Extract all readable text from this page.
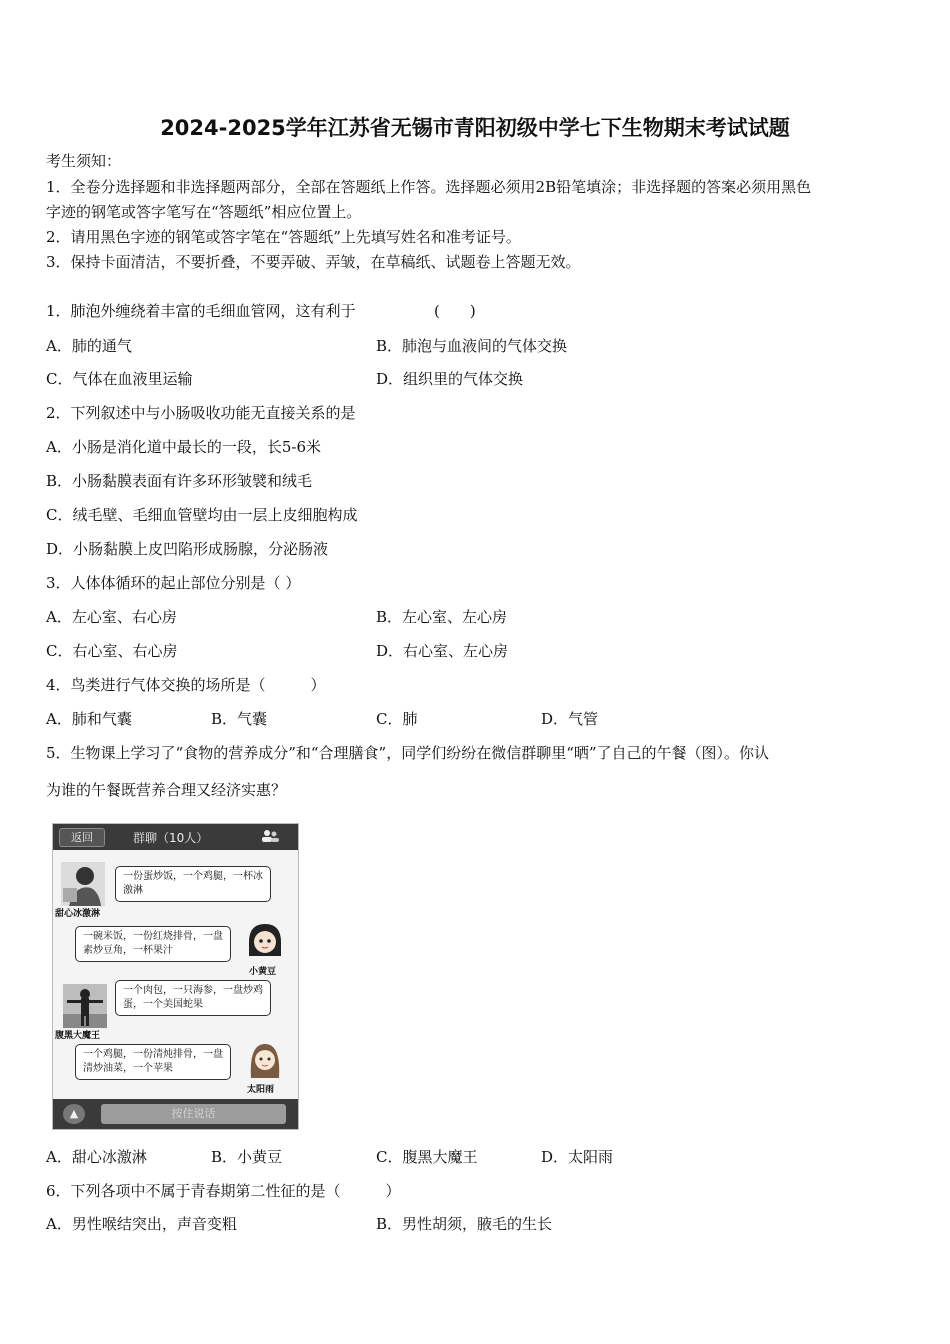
2024-2025学年江苏省无锡市青阳初级中学七下生物期末考试试题
考生须知：
1．全卷分选择题和非选择题两部分，全部在答题纸上作答。选择题必须用2B铅笔填涂；非选择题的答案必须用黑色
字迹的钢笔或答字笔写在“答题纸”相应位置上。
2．请用黑色字迹的钢笔或答字笔在“答题纸”上先填写姓名和准考证号。
3．保持卡面清洁，不要折叠，不要弄破、弄皱，在草稿纸、试题卷上答题无效。
1．肺泡外缠绕着丰富的毛细血管网，这有利于	(　　)
A．肺的通气	B．肺泡与血液间的气体交换
C．气体在血液里运输	D．组织里的气体交换
2．下列叙述中与小肠吸收功能无直接关系的是
A．小肠是消化道中最长的一段，长5-6米
B．小肠黏膜表面有许多环形皱襞和绒毛
C．绒毛壁、毛细血管壁均由一层上皮细胞构成
D．小肠黏膜上皮凹陷形成肠腺，分泌肠液
3．人体体循环的起止部位分别是（ ）
A．左心室、右心房	B．左心室、左心房
C．右心室、右心房	D．右心室、左心房
4．鸟类进行气体交换的场所是（　　　）
A．肺和气囊	B．气囊	C．肺	D．气管
5．生物课上学习了“食物的营养成分”和“合理膳食”，同学们纷纷在微信群聊里“晒”了自己的午餐（图）。你认
为谁的午餐既营养合理又经济实惠？
返回	群聊（10人）
甜心冰激淋
一份蛋炒饭，一个鸡腿，一杯冰激淋
一碗米饭，一份红烧排骨，一盘素炒豆角，一杯果汁
小黄豆
腹黑大魔王
一个肉包，一只海参，一盘炒鸡蛋，一个美国蛇果
一个鸡腿，一份清炖排骨，一盘清炒油菜，一个苹果
太阳雨
▲	按住说话
A．甜心冰激淋	B．小黄豆	C．腹黑大魔王	D．太阳雨
6．下列各项中不属于青春期第二性征的是（　　　）
A．男性喉结突出，声音变粗	B．男性胡须，腋毛的生长
